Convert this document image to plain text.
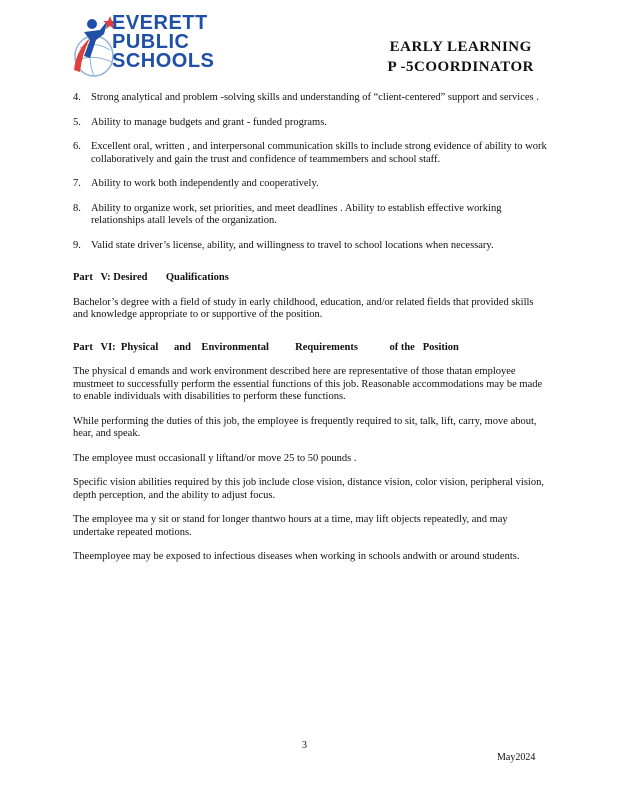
EVERETT
PUBLIC
SCHOOLS
EARLY LEARNING
P -5COORDINATOR
4. Strong analytical and problem -solving skills and understanding of “client-centered” support and services .
5. Ability to manage budgets and grant - funded programs.
6. Excellent oral, written , and interpersonal communication skills to include strong evidence of ability to work collaboratively and gain the trust and confidence of teammembers and school staff.
7. Ability to work both independently and cooperatively.
8. Ability to organize work, set priorities, and meet deadlines . Ability to establish effective working relationships atall levels of the organization.
9. Valid state driver’s license, ability, and willingness to travel to school locations when necessary.
Part   V: Desired       Qualifications
Bachelor’s degree with a field of study in early childhood, education, and/or related fields that provided skills and knowledge appropriate to or supportive of the position.
Part   VI:  Physical      and    Environmental          Requirements            of the   Position
The physical d emands and work environment described here are representative of those thatan employee mustmeet to successfully perform the essential functions of this job. Reasonable accommodations may be made to enable individuals with disabilities to perform these functions.
While performing the duties of this job, the employee is frequently required to sit, talk, lift, carry, move about, hear, and speak.
The employee must occasionall y liftand/or move 25 to 50 pounds .
Specific vision abilities required by this job include close vision, distance vision, color vision, peripheral vision, depth perception, and the ability to adjust focus.
The employee ma y sit or stand for longer thantwo hours at a time, may lift objects repeatedly, and may undertake repeated motions.
Theemployee may be exposed to infectious diseases when working in schools andwith or around students.
3
May2024
